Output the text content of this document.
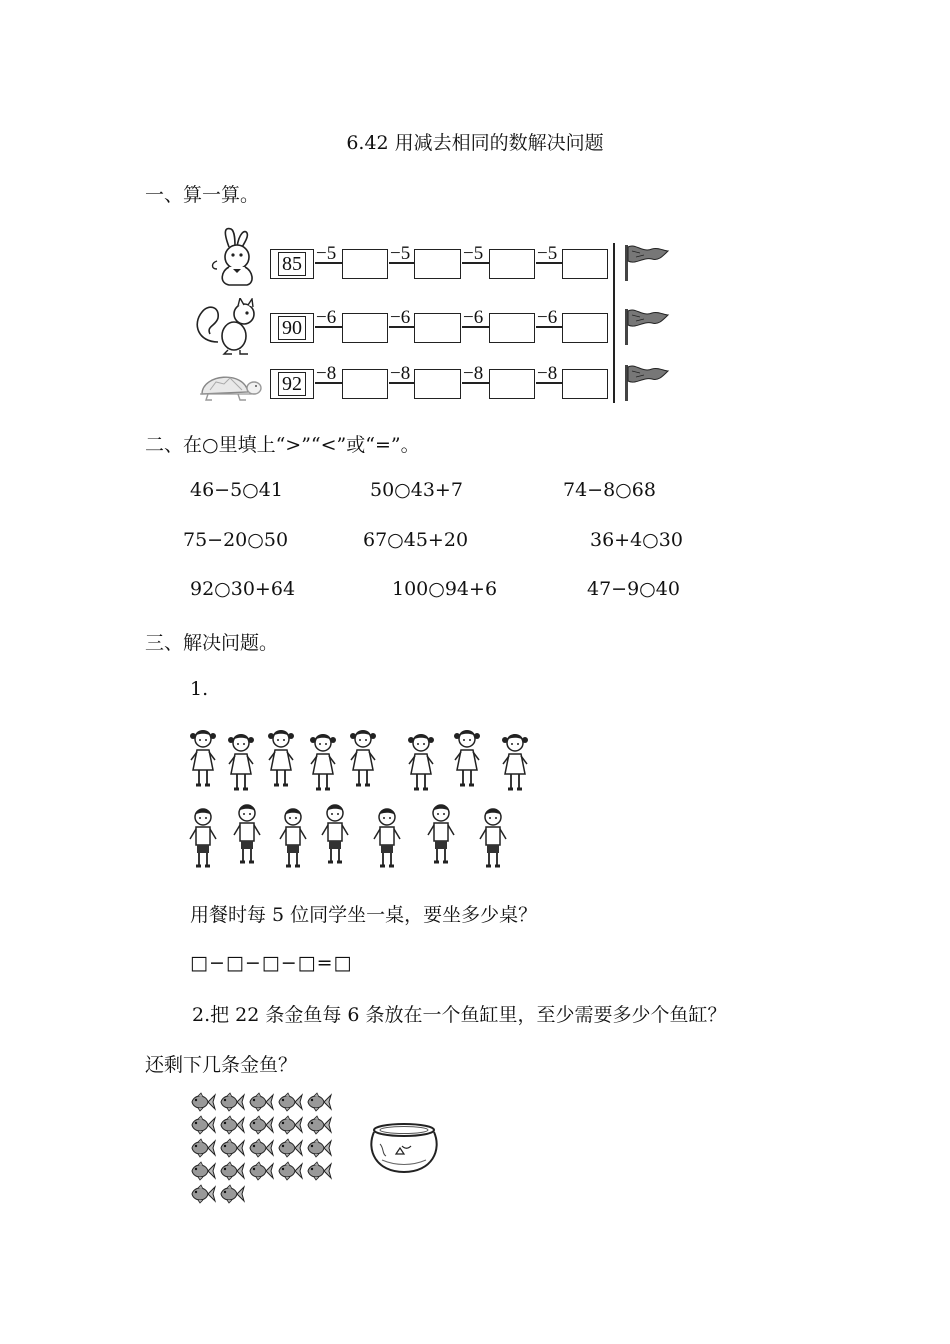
6.42 用减去相同的数解决问题
一、算一算。
85 −5	−5	−5	−5
90 −6	−6	−6	−6
92 −8	−8	−8	−8
二、在○里填上“>”“<”或“=”。
46−5○41	50○43+7	74−8○68
75−20○50	67○45+20	36+4○30
92○30+64	100○94+6	47−9○40
三、解决问题。
1.
用餐时每 5 位同学坐一桌，要坐多少桌？
□−□−□−□=□
2.把 22 条金鱼每 6 条放在一个鱼缸里，至少需要多少个鱼缸？
还剩下几条金鱼？
